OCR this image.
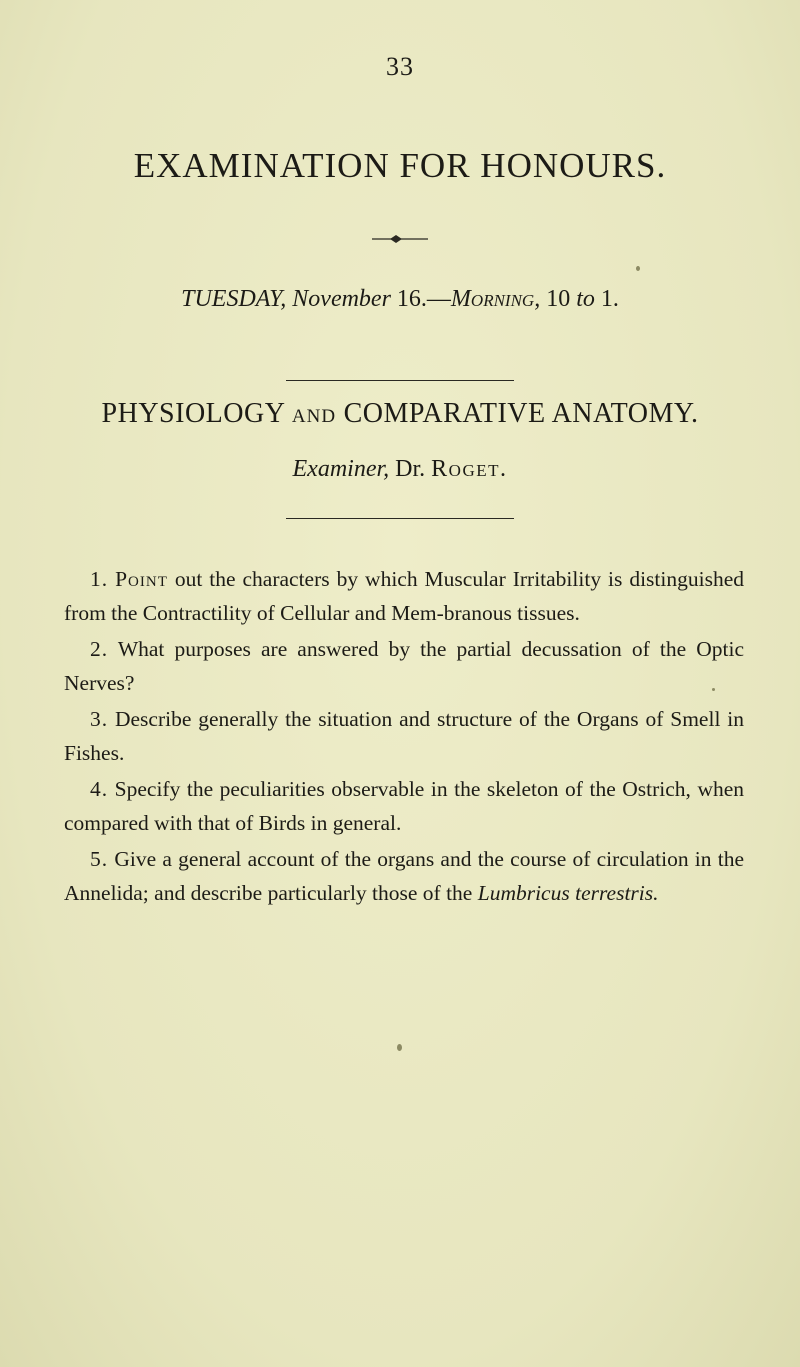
33
EXAMINATION FOR HONOURS.
TUESDAY, November 16.—Morning, 10 to 1.
PHYSIOLOGY AND COMPARATIVE ANATOMY.
Examiner, Dr. Roget.

1. Point out the characters by which Muscular Irritability is distinguished from the Contractility of Cellular and Mem-branous tissues.

2. What purposes are answered by the partial decussation of the Optic Nerves?

3. Describe generally the situation and structure of the Organs of Smell in Fishes.

4. Specify the peculiarities observable in the skeleton of the Ostrich, when compared with that of Birds in general.

5. Give a general account of the organs and the course of circulation in the Annelida; and describe particularly those of the Lumbricus terrestris.
